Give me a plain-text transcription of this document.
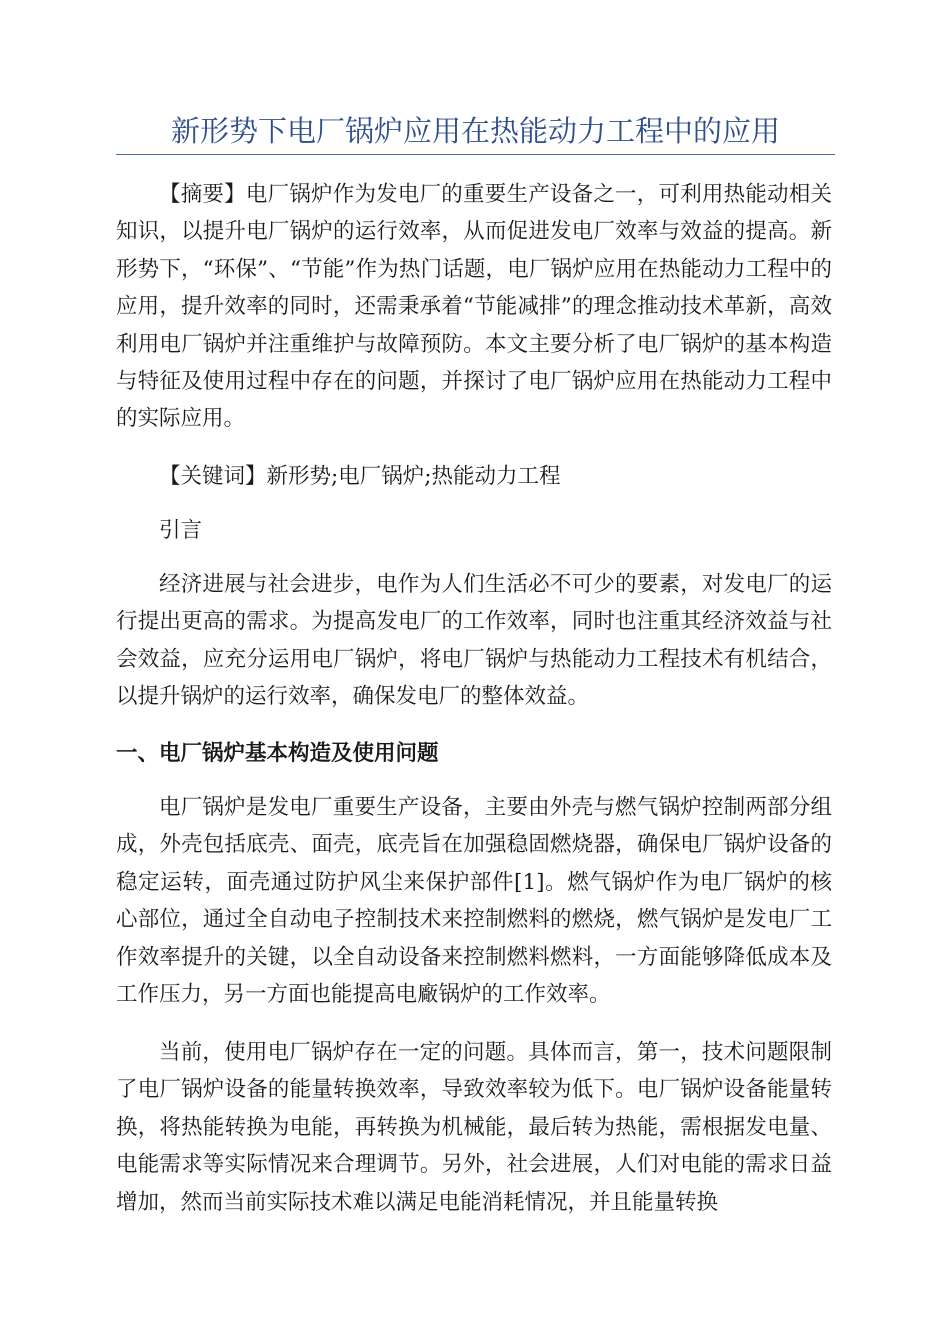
新形势下电厂锅炉应用在热能动力工程中的应用

【摘要】电厂锅炉作为发电厂的重要生产设备之一，可利用热能动相关知识，以提升电厂锅炉的运行效率，从而促进发电厂效率与效益的提高。新形势下，“环保”、“节能”作为热门话题，电厂锅炉应用在热能动力工程中的应用，提升效率的同时，还需秉承着“节能减排”的理念推动技术革新，高效利用电厂锅炉并注重维护与故障预防。本文主要分析了电厂锅炉的基本构造与特征及使用过程中存在的问题，并探讨了电厂锅炉应用在热能动力工程中的实际应用。

【关键词】新形势;电厂锅炉;热能动力工程

引言

经济进展与社会进步，电作为人们生活必不可少的要素，对发电厂的运行提出更高的需求。为提高发电厂的工作效率，同时也注重其经济效益与社会效益，应充分运用电厂锅炉，将电厂锅炉与热能动力工程技术有机结合，以提升锅炉的运行效率，确保发电厂的整体效益。

一、电厂锅炉基本构造及使用问题

电厂锅炉是发电厂重要生产设备，主要由外壳与燃气锅炉控制两部分组成，外壳包括底壳、面壳，底壳旨在加强稳固燃烧器，确保电厂锅炉设备的稳定运转，面壳通过防护风尘来保护部件[1]。燃气锅炉作为电厂锅炉的核心部位，通过全自动电子控制技术来控制燃料的燃烧，燃气锅炉是发电厂工作效率提升的关键，以全自动设备来控制燃料燃料，一方面能够降低成本及工作压力，另一方面也能提高电廠锅炉的工作效率。

当前，使用电厂锅炉存在一定的问题。具体而言，第一，技术问题限制了电厂锅炉设备的能量转换效率，导致效率较为低下。电厂锅炉设备能量转换，将热能转换为电能，再转换为机械能，最后转为热能，需根据发电量、电能需求等实际情况来合理调节。另外，社会进展，人们对电能的需求日益增加，然而当前实际技术难以满足电能消耗情况，并且能量转换
